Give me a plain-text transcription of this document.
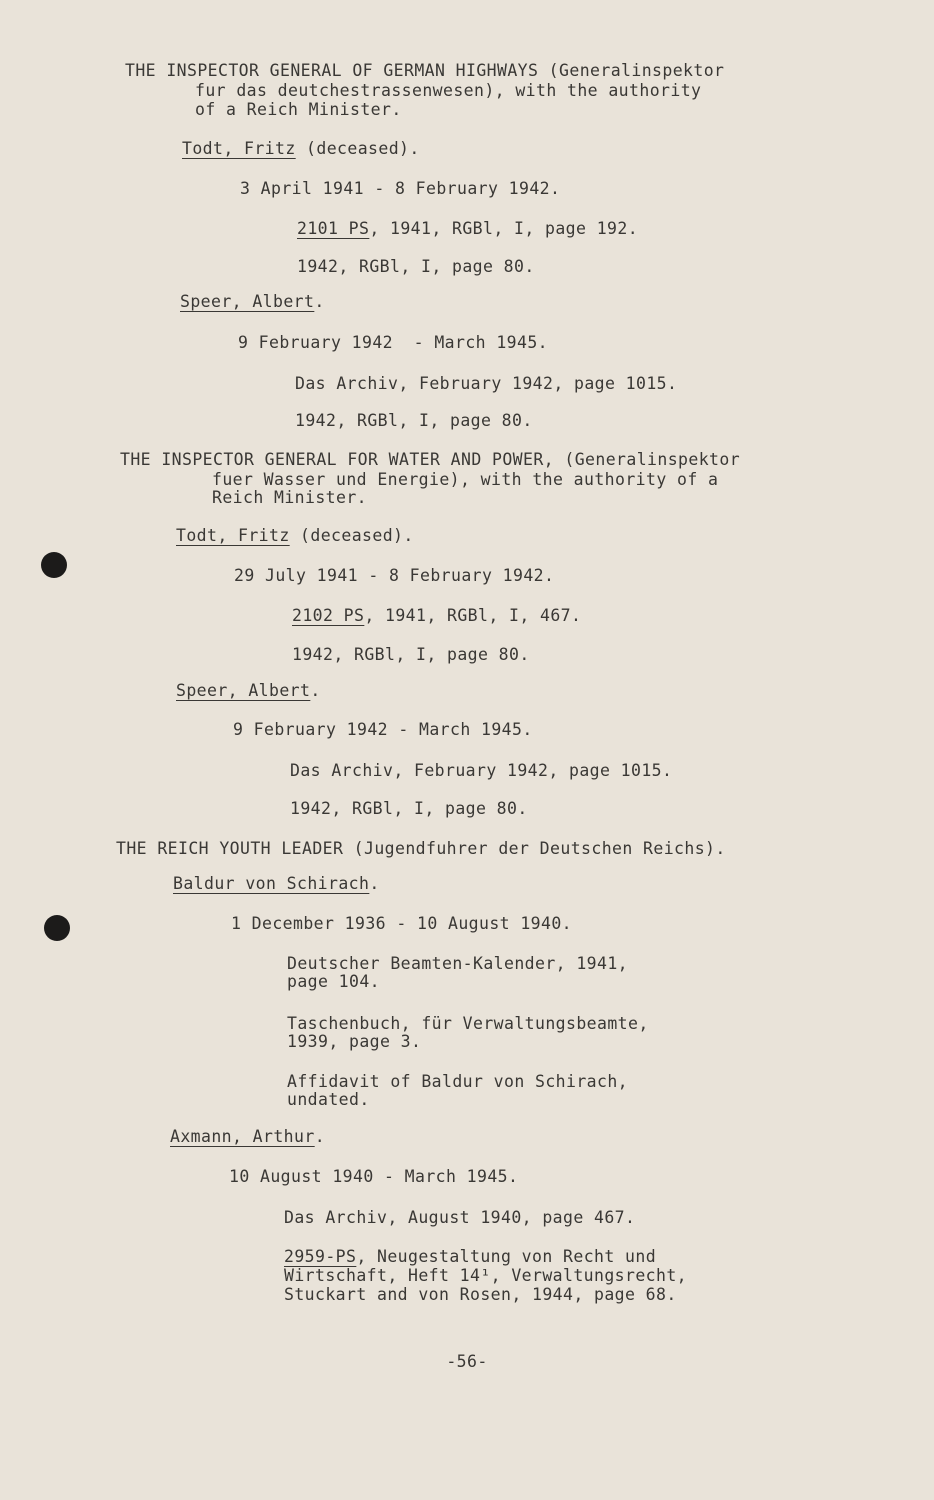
THE INSPECTOR GENERAL OF GERMAN HIGHWAYS (Generalinspektor
fur das deutchestrassenwesen), with the authority
of a Reich Minister.
Todt, Fritz (deceased).
3 April 1941 - 8 February 1942.
2101 PS, 1941, RGBl, I, page 192.
1942, RGBl, I, page 80.
Speer, Albert.
9 February 1942  - March 1945.
Das Archiv, February 1942, page 1015.
1942, RGBl, I, page 80.
THE INSPECTOR GENERAL FOR WATER AND POWER, (Generalinspektor
fuer Wasser und Energie), with the authority of a
Reich Minister.
Todt, Fritz (deceased).
29 July 1941 - 8 February 1942.
2102 PS, 1941, RGBl, I, 467.
1942, RGBl, I, page 80.
Speer, Albert.
9 February 1942 - March 1945.
Das Archiv, February 1942, page 1015.
1942, RGBl, I, page 80.
THE REICH YOUTH LEADER (Jugendfuhrer der Deutschen Reichs).
Baldur von Schirach.
1 December 1936 - 10 August 1940.
Deutscher Beamten-Kalender, 1941,
page 104.
Taschenbuch, für Verwaltungsbeamte,
1939, page 3.
Affidavit of Baldur von Schirach,
undated.
Axmann, Arthur.
10 August 1940 - March 1945.
Das Archiv, August 1940, page 467.
2959-PS, Neugestaltung von Recht und
Wirtschaft, Heft 14¹, Verwaltungsrecht,
Stuckart and von Rosen, 1944, page 68.
-56-
